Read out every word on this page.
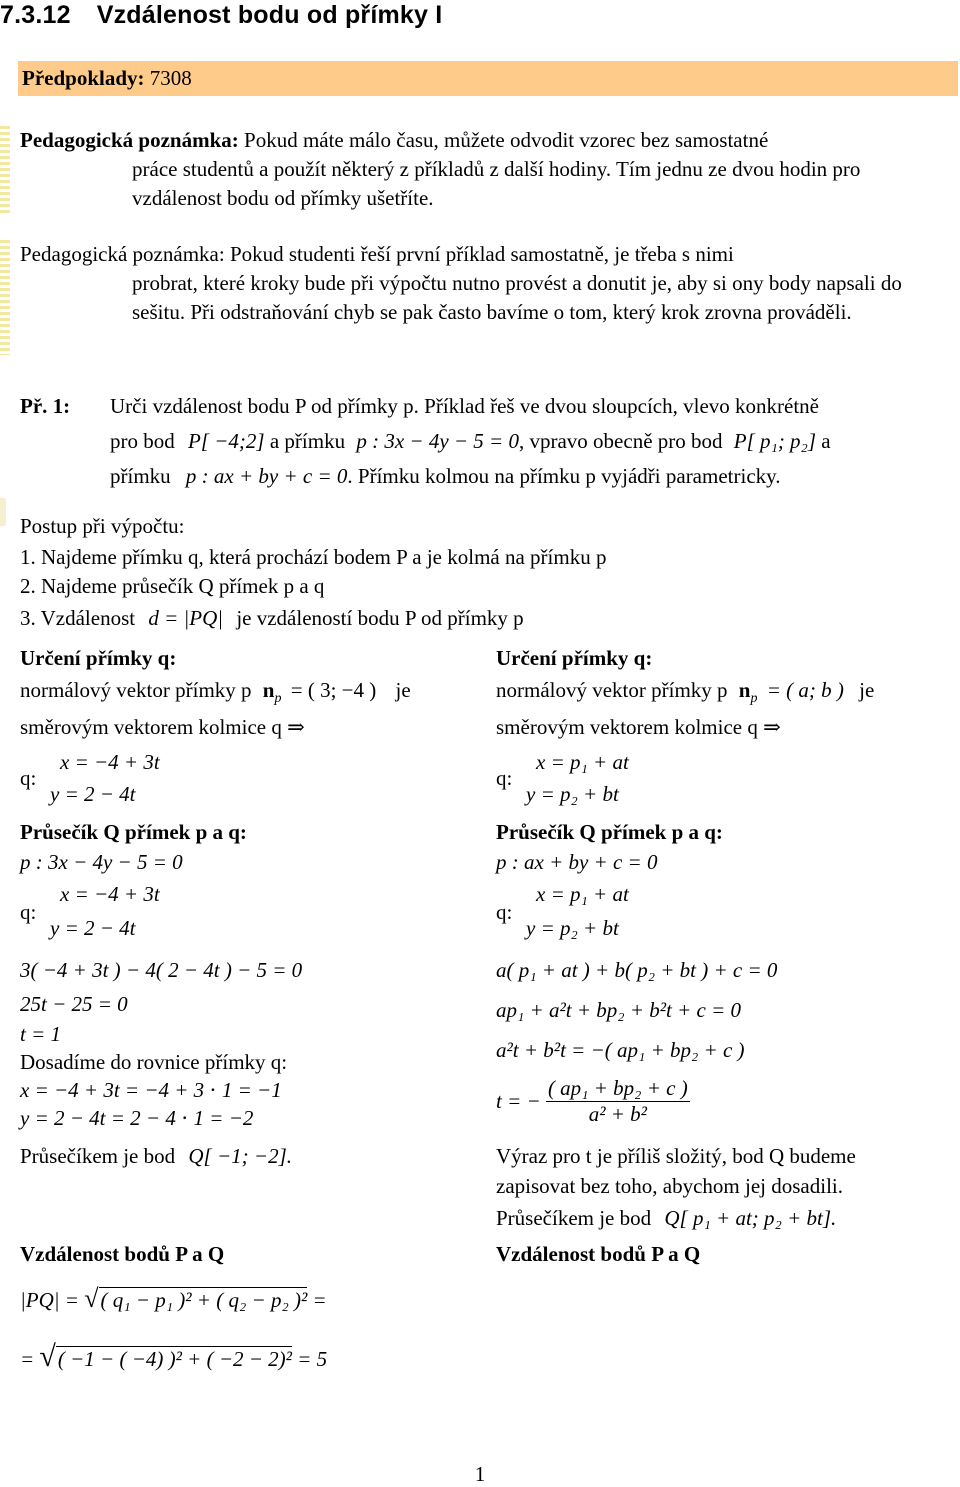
7.3.12 Vzdálenost bodu od přímky I
Předpoklady: 7308
Pedagogická poznámka: Pokud máte málo času, můžete odvodit vzorec bez samostatné
práce studentů a použít některý z příkladů z další hodiny. Tím jednu ze dvou hodin pro vzdálenost bodu od přímky ušetříte.
Pedagogická poznámka: Pokud studenti řeší první příklad samostatně, je třeba s nimi
probrat, které kroky bude při výpočtu nutno provést a donutit je, aby si ony body napsali do sešitu. Při odstraňování chyb se pak často bavíme o tom, který krok zrovna prováděli.
Př. 1: Urči vzdálenost bodu P od přímky p. Příklad řeš ve dvou sloupcích, vlevo konkrétně
pro bod P[ −4;2] a přímku p : 3x − 4y − 5 = 0, vpravo obecně pro bod P[ p₁; p₂] a
přímku p : ax + by + c = 0. Přímku kolmou na přímku p vyjádři parametricky.
Postup při výpočtu:
1. Najdeme přímku q, která prochází bodem P a je kolmá na přímku p
2. Najdeme průsečík Q přímek p a q
3. Vzdálenost d = |PQ| je vzdáleností bodu P od přímky p
Určení přímky q:
normálový vektor přímky p $n_p$ = ( 3; −4 ) je
směrovým vektorem kolmice q ⇒
x = −4 + 3t
q:
y = 2 − 4t
Průsečík Q přímek p a q:
p : 3x − 4y − 5 = 0
x = −4 + 3t
q:
y = 2 − 4t
3( −4 + 3t ) − 4( 2 − 4t ) − 5 = 0
25t − 25 = 0
t = 1
Dosadíme do rovnice přímky q:
x = −4 + 3t = −4 + 3 ⋅ 1 = −1
y = 2 − 4t = 2 − 4 ⋅ 1 = −2
Průsečíkem je bod Q[ −1; −2].
Vzdálenost bodů P a Q
|PQ| = √( q₁ − p₁ )² + ( q₂ − p₂ )² =
= √( −1 − ( −4) )² + ( −2 − 2)² = 5
Určení přímky q:
normálový vektor přímky p $n_p$ = ( a; b ) je
směrovým vektorem kolmice q ⇒
x = p₁ + at
q:
y = p₂ + bt
Průsečík Q přímek p a q:
p : ax + by + c = 0
x = p₁ + at
q:
y = p₂ + bt
a( p₁ + at ) + b( p₂ + bt ) + c = 0
ap₁ + a²t + bp₂ + b²t + c = 0
a²t + b²t = −( ap₁ + bp₂ + c )
t = − $\frac{\text{( ap₁ + bp₂ + c )}}{\text{a² + b²}}$
Výraz pro t je příliš složitý, bod Q budeme
zapisovat bez toho, abychom jej dosadili.
Průsečíkem je bod Q[ p₁ + at; p₂ + bt].
Vzdálenost bodů P a Q
1
